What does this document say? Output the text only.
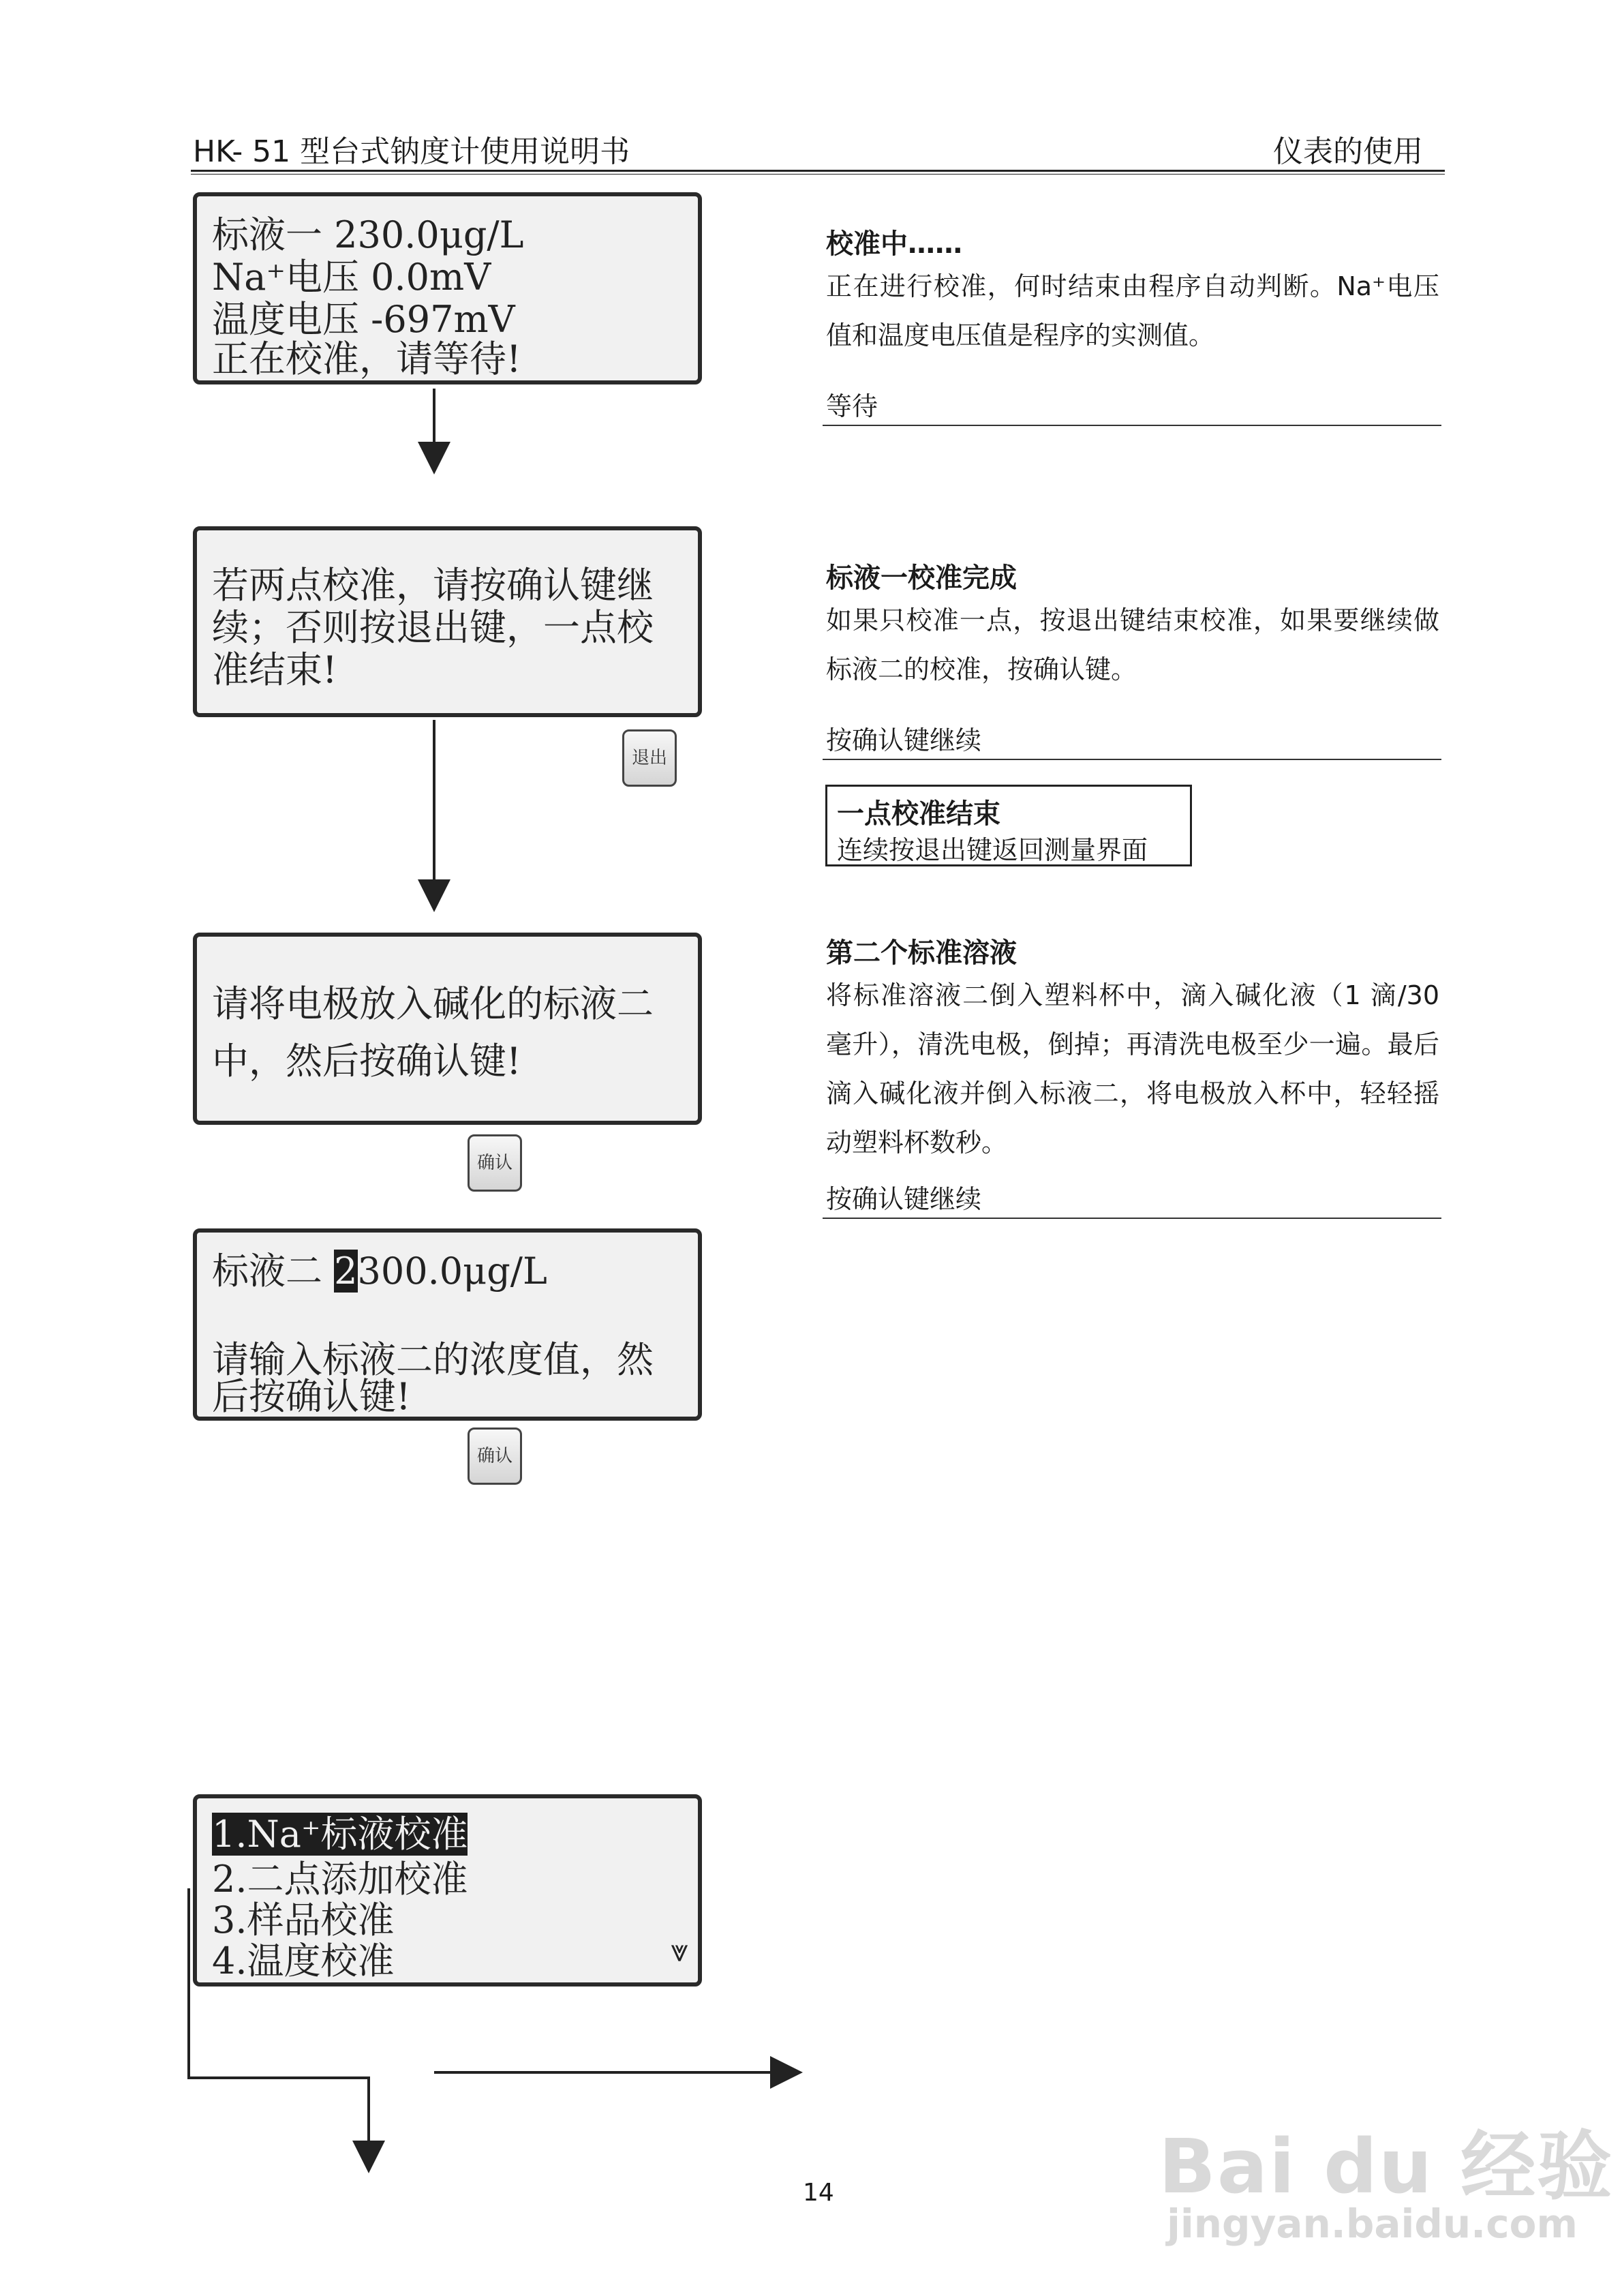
HK- 51 型台式钠度计使用说明书	仪表的使用
标液一 230.0μg/L
Na⁺电压 0.0mV
温度电压 -697mV
正在校准，请等待!
若两点校准，请按确认键继
续；否则按退出键，一点校
准结束!
退出
请将电极放入碱化的标液二
中，然后按确认键!
确认
标液二 2300.0μg/L
请输入标液二的浓度值，然
后按确认键!
确认
1.Na⁺标液校准
2.二点添加校准
3.样品校准
4.温度校准	⩔
校准中……
正在进行校准，何时结束由程序自动判断。Na⁺电压值和温度电压值是程序的实测值。
等待
标液一校准完成
如果只校准一点，按退出键结束校准，如果要继续做标液二的校准，按确认键。
按确认键继续
一点校准结束
连续按退出键返回测量界面
第二个标准溶液
将标准溶液二倒入塑料杯中，滴入碱化液（1 滴/30 毫升），清洗电极，倒掉；再清洗电极至少一遍。最后滴入碱化液并倒入标液二，将电极放入杯中，轻轻摇动塑料杯数秒。
按确认键继续
14	Bai du 经验
jingyan.baidu.com
